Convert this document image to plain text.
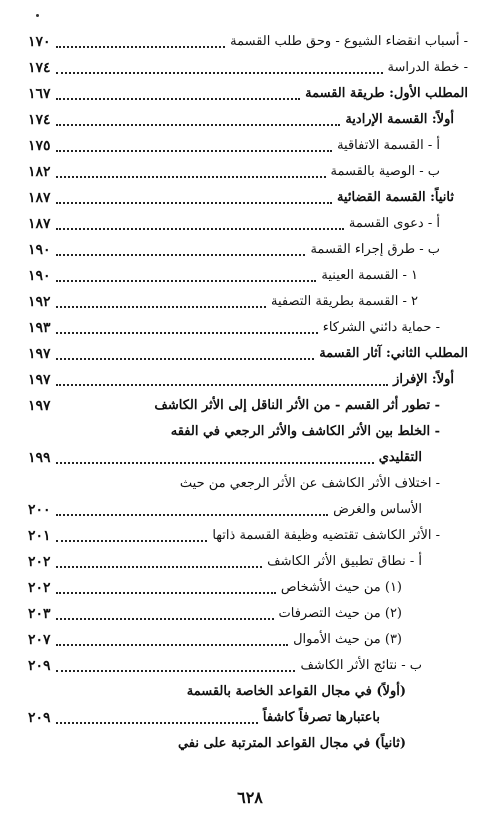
- أسباب انقضاء الشيوع - وحق طلب القسمة
١٧٠
- خطة الدراسة
١٧٤
المطلب الأول: طريقة القسمة
١٦٧
أولاً: القسمة الإرادية
١٧٤
أ - القسمة الاتفاقية
١٧٥
ب - الوصية بالقسمة
١٨٢
ثانياً: القسمة القضائية
١٨٧
أ - دعوى القسمة
١٨٧
ب - طرق إجراء القسمة
١٩٠
١ - القسمة العينية
١٩٠
٢ - القسمة بطريقة التصفية
١٩٢
- حماية دائني الشركاء
١٩٣
المطلب الثاني: آثار القسمة
١٩٧
أولاً: الإفراز
١٩٧
- تطور أثر القسم - من الأثر الناقل إلى الأثر الكاشف
١٩٧
- الخلط بين الأثر الكاشف والأثر الرجعي في الفقه
التقليدي
١٩٩
- اختلاف الأثر الكاشف عن الأثر الرجعي من حيث
الأساس والغرض
٢٠٠
- الأثر الكاشف تقتضيه وظيفة القسمة ذاتها
٢٠١
أ - نطاق تطبيق الأثر الكاشف
٢٠٢
(١) من حيث الأشخاص
٢٠٢
(٢) من حيث التصرفات
٢٠٣
(٣) من حيث الأموال
٢٠٧
ب - نتائج الأثر الكاشف
٢٠٩
(أولاً) في مجال القواعد الخاصة بالقسمة
باعتبارها تصرفاً كاشفاً
٢٠٩
(ثانياً) في مجال القواعد المترتبة على نفي
٦٢٨
